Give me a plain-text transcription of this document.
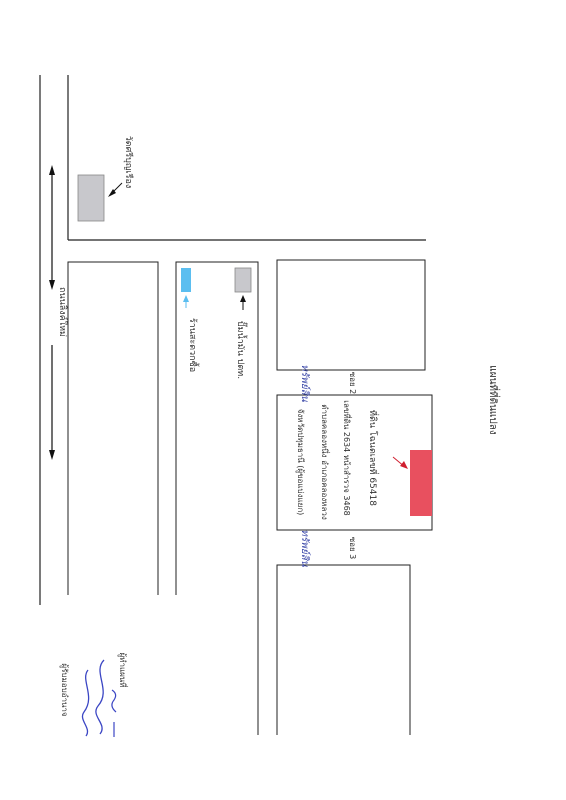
ถนนลิงค์ใหม่
วัดศรีบุญเรือง
ร้านสะดวกซื้อ	ปั๊มน้ำมัน ปตท.
ซอย 2
ทรัพย์สิน
ซอย 3
ทรัพย์สิน
ที่ดิน โฉนดเลขที่ 65418
เลขที่ดิน 2634 หน้าสำรวจ 3468
ตำบลคลองหนึ่ง อำเภอคลองหลวง
จังหวัดปทุมธานี (ผู้ขอแบ่งแยก)
แผนที่ที่ดินแปลง
ผู้รับมอบอำนาจ	ผู้ทำแผนที่
